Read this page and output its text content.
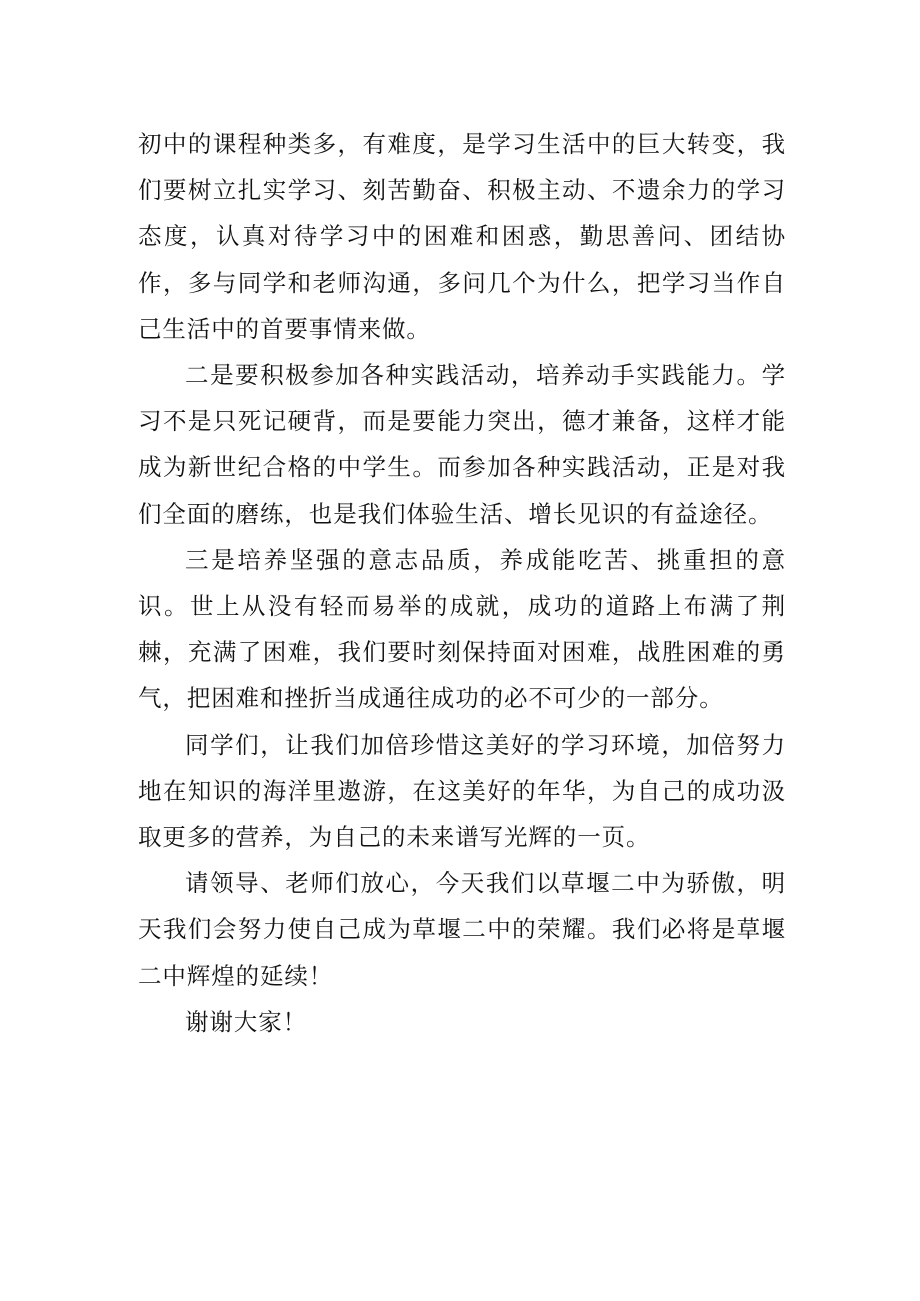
初中的课程种类多，有难度，是学习生活中的巨大转变，我们要树立扎实学习、刻苦勤奋、积极主动、不遗余力的学习态度，认真对待学习中的困难和困惑，勤思善问、团结协作，多与同学和老师沟通，多问几个为什么，把学习当作自己生活中的首要事情来做。

二是要积极参加各种实践活动，培养动手实践能力。学习不是只死记硬背，而是要能力突出，德才兼备，这样才能成为新世纪合格的中学生。而参加各种实践活动，正是对我们全面的磨练，也是我们体验生活、增长见识的有益途径。

三是培养坚强的意志品质，养成能吃苦、挑重担的意识。世上从没有轻而易举的成就，成功的道路上布满了荆棘，充满了困难，我们要时刻保持面对困难，战胜困难的勇气，把困难和挫折当成通往成功的必不可少的一部分。

同学们，让我们加倍珍惜这美好的学习环境，加倍努力地在知识的海洋里遨游，在这美好的年华，为自己的成功汲取更多的营养，为自己的未来谱写光辉的一页。

请领导、老师们放心，今天我们以草堰二中为骄傲，明天我们会努力使自己成为草堰二中的荣耀。我们必将是草堰二中辉煌的延续！

谢谢大家！
